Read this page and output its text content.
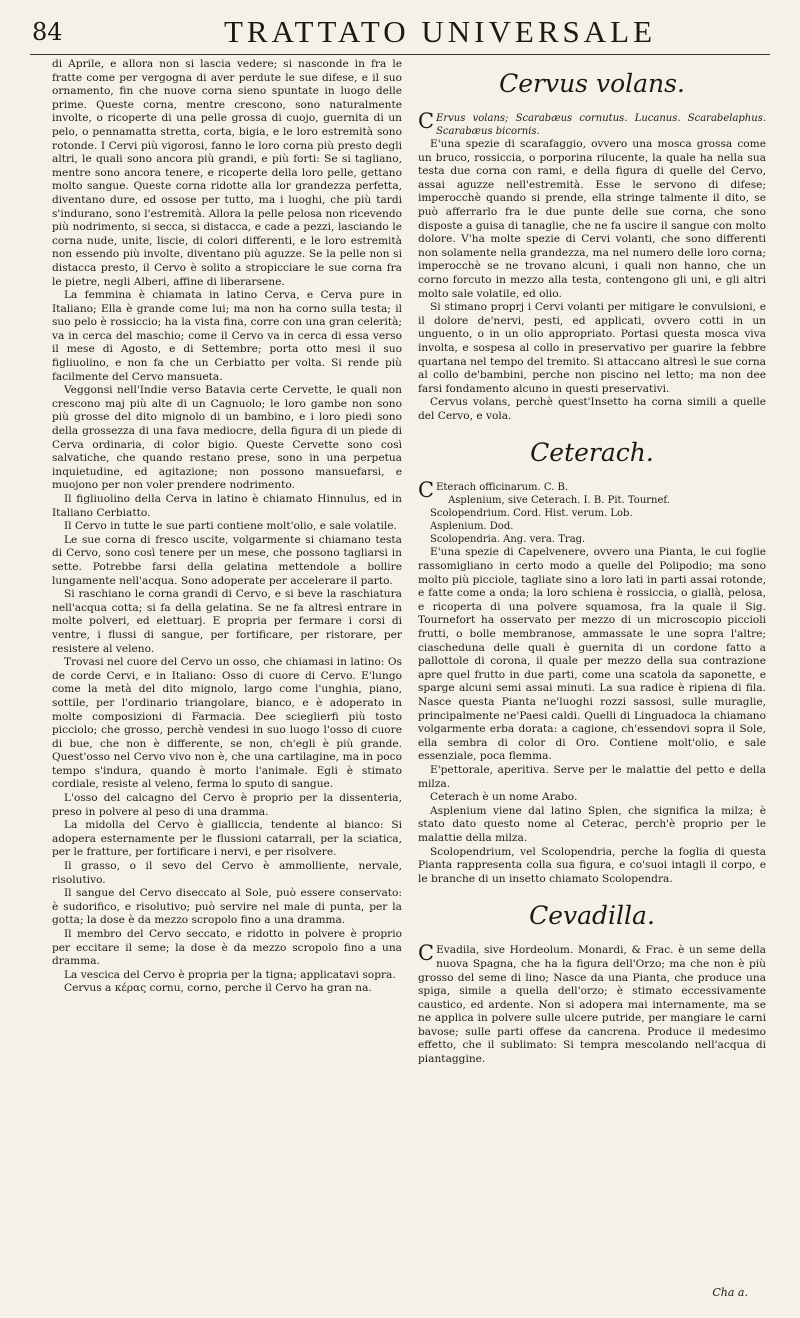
84	TRATTATO UNIVERSALE

di Aprile, e allora non si lascia vedere; si nasconde in fra le fratte come per vergogna di aver perdute le sue difese, e il suo ornamento, fin che nuove corna sieno spuntate in luogo delle prime. Queste corna, mentre crescono, sono naturalmente involte, o ricoperte di una pelle grossa di cuojo, guernita di un pelo, o pennamatta stretta, corta, bigia, e le loro estremità sono rotonde. I Cervi più vigorosi, fanno le loro corna più presto degli altri, le quali sono ancora più grandi, e più forti: Se si tagliano, mentre sono ancora tenere, e ricoperte della loro pelle, gettano molto sangue. Queste corna ridotte alla lor grandezza perfetta, diventano dure, ed ossose per tutto, ma i luoghi, che più tardi s'indurano, sono l'estremità. Allora la pelle pelosa non ricevendo più nodrimento, si secca, si distacca, e cade a pezzi, lasciando le corna nude, unite, liscie, di colori differenti, e le loro estremità non essendo più involte, diventano più aguzze. Se la pelle non si distacca presto, il Cervo è solito a stropicciare le sue corna fra le pietre, negli Alberi, affine di liberarsene.

La femmina è chiamata in latino Cerva, e Cerva pure in Italiano; Ella è grande come lui; ma non ha corno sulla testa; il suo pelo è rossiccio; ha la vista fina, corre con una gran celerità; va in cerca del maschio; come il Cervo va in cerca di essa verso il mese di Agosto, e di Settembre; porta otto mesi il suo figliuolino, e non fa che un Cerbiatto per volta. Si rende più facilmente del Cervo mansueta.

Veggonsi nell'Indie verso Batavia certe Cervette, le quali non crescono maj più alte di un Cagnuolo; le loro gambe non sono più grosse del dito mignolo di un bambino, e i loro piedi sono della grossezza di una fava mediocre, della figura di un piede di Cerva ordinaria, di color bigio. Queste Cervette sono così salvatiche, che quando restano prese, sono in una perpetua inquietudine, ed agitazione; non possono mansuefarsi, e muojono per non voler prendere nodrimento.

Il figliuolino della Cerva in latino è chiamato Hinnulus, ed in Italiano Cerbiatto.

Il Cervo in tutte le sue parti contiene molt'olio, e sale volatile.

Le sue corna di fresco uscite, volgarmente si chiamano testa di Cervo, sono così tenere per un mese, che possono tagliarsi in sette. Potrebbe farsi della gelatina mettendole a bollire lungamente nell'acqua. Sono adoperate per accelerare il parto.

Si raschiano le corna grandi di Cervo, e si beve la raschiatura nell'acqua cotta; si fa della gelatina. Se ne fa altresì entrare in molte polveri, ed elettuarj. E propria per fermare i corsi di ventre, i flussi di sangue, per fortificare, per ristorare, per resistere al veleno.

Trovasi nel cuore del Cervo un osso, che chiamasi in latino: Os de corde Cervi, e in Italiano: Osso di cuore di Cervo. E'lungo come la metà del dito mignolo, largo come l'unghia, piano, sottile, per l'ordinario triangolare, bianco, e è adoperato in molte composizioni di Farmacia. Dee scieglierfi più tosto picciolo; che grosso, perchè vendesi in suo luogo l'osso di cuore di bue, che non è differente, se non, ch'egli è più grande. Quest'osso nel Cervo vivo non è, che una cartilagine, ma in poco tempo s'indura, quando è morto l'animale. Egli è stimato cordiale, resiste al veleno, ferma lo sputo di sangue.

L'osso del calcagno del Cervo è proprio per la dissenteria, preso in polvere al peso di una dramma.

La midolla del Cervo è gialliccia, tendente al bianco: Si adopera esternamente per le flussioni catarrali, per la sciatica, per le fratture, per fortificare i nervi, e per risolvere.

Il grasso, o il sevo del Cervo è ammolliente, nervale, risolutivo.

Il sangue del Cervo diseccato al Sole, può essere conservato: è sudorifico, e risolutivo; può servire nel male di punta, per la gotta; la dose è da mezzo scropolo fino a una dramma.

Il membro del Cervo seccato, e ridotto in polvere è proprio per eccitare il seme; la dose è da mezzo scropolo fino a una dramma.

La vescica del Cervo è propria per la tigna; applicatavi sopra.

Cervus a κέρας cornu, corno, perche il Cervo ha gran na.

Cervus volans.

C Ervus volans; Scarabæus cornutus. Lucanus. Scarabelaphus. Scarabæus bicornis.

E'una spezie di scarafaggio, ovvero una mosca grossa come un bruco, rossiccia, o porporina rilucente, la quale ha nella sua testa due corna con rami, e della figura di quelle del Cervo, assai aguzze nell'estremità. Esse le servono di difese; imperocchè quando si prende, ella stringe talmente il dito, se può afferrarlo fra le due punte delle sue corna, che sono disposte a guisa di tanaglie, che ne fa uscire il sangue con molto dolore. V'ha molte spezie di Cervi volanti, che sono differenti non solamente nella grandezza, ma nel numero delle loro corna; imperocchè se ne trovano alcuni, i quali non hanno, che un corno forcuto in mezzo alla testa, contengono gli uni, e gli altri molto sale volatile, ed olio.

Si stimano proprj i Cervi volanti per mitigare le convulsioni, e il dolore de'nervi, pesti, ed applicati, ovvero cotti in un unguento, o in un olio appropriato. Portasi questa mosca viva involta, e sospesa al collo in preservativo per guarire la febbre quartana nel tempo del tremito. Si attaccano altresì le sue corna al collo de'bambini, perche non piscino nel letto; ma non dee farsi fondamento alcuno in questi preservativi.

Cervus volans, perchè quest'Insetto ha corna simili a quelle del Cervo, e vola.

Ceterach.

C Eterach officinarum. C. B.

Asplenium, sive Ceterach. I. B. Pit. Tournef.

Scolopendrium. Cord. Hist. verum. Lob.

Asplenium. Dod.

Scolopendria. Ang. vera. Trag.

E'una spezie di Capelvenere, ovvero una Pianta, le cui foglie rassomigliano in certo modo a quelle del Polipodio; ma sono molto più picciole, tagliate sino a loro lati in parti assai rotonde, e fatte come a onda; la loro schiena è rossiccia, o giallà, pelosa, e ricoperta di una polvere squamosa, fra la quale il Sig. Tournefort ha osservato per mezzo di un microscopio piccioli frutti, o bolle membranose, ammassate le une sopra l'altre; ciascheduna delle quali è guernita di un cordone fatto a pallottole di corona, il quale per mezzo della sua contrazione apre quel frutto in due parti, come una scatola da saponette, e sparge alcuni semi assai minuti. La sua radice è ripiena di fila. Nasce questa Pianta ne'luoghi rozzi sassosi, sulle muraglie, principalmente ne'Paesi caldi. Quelli di Linguadoca la chiamano volgarmente erba dorata: a cagione, ch'essendovi sopra il Sole, ella sembra di color di Oro. Contiene molt'olio, e sale essenziale, poca flemma.

E'pettorale, aperitiva. Serve per le malattie del petto e della milza.

Ceterach è un nome Arabo.

Asplenium viene dal latino Splen, che significa la milza; è stato dato questo nome al Ceterac, perch'è proprio per le malattie della milza.

Scolopendrium, vel Scolopendria, perche la foglia di questa Pianta rappresenta colla sua figura, e co'suoi intagli il corpo, e le branche di un insetto chiamato Scolopendra.

Cevadilla.

C Evadila, sive Hordeolum. Monardi, & Frac. è un seme della nuova Spagna, che ha la figura dell'Orzo; ma che non è più grosso del seme di lino; Nasce da una Pianta, che produce una spiga, simile a quella dell'orzo; è stimato eccessivamente caustico, ed ardente. Non si adopera mai internamente, ma se ne applica in polvere sulle ulcere putride, per mangiare le carni bavose; sulle parti offese da cancrena. Produce il medesimo effetto, che il sublimato: Si tempra mescolando nell'acqua di piantaggine.

Cha a.
